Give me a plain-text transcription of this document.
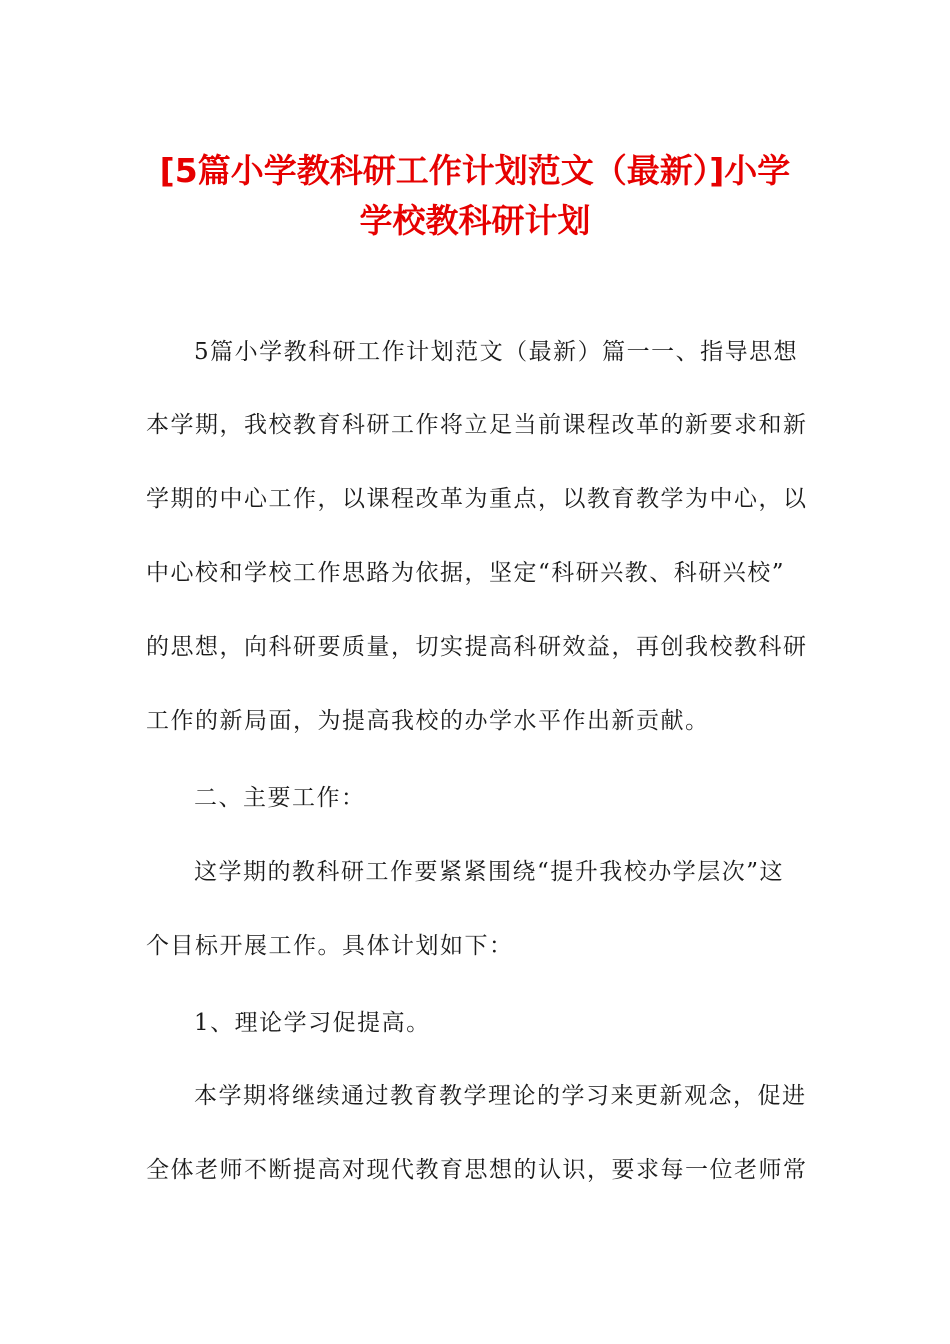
[5篇小学教科研工作计划范文（最新）]小学
学校教科研计划
5篇小学教科研工作计划范文（最新）篇一一、指导思想
本学期，我校教育科研工作将立足当前课程改革的新要求和新
学期的中心工作，以课程改革为重点，以教育教学为中心，以
中心校和学校工作思路为依据，坚定“科研兴教、科研兴校”
的思想，向科研要质量，切实提高科研效益，再创我校教科研
工作的新局面，为提高我校的办学水平作出新贡献。
二、主要工作：
这学期的教科研工作要紧紧围绕“提升我校办学层次”这
个目标开展工作。具体计划如下：
1、理论学习促提高。
本学期将继续通过教育教学理论的学习来更新观念，促进
全体老师不断提高对现代教育思想的认识，要求每一位老师常
